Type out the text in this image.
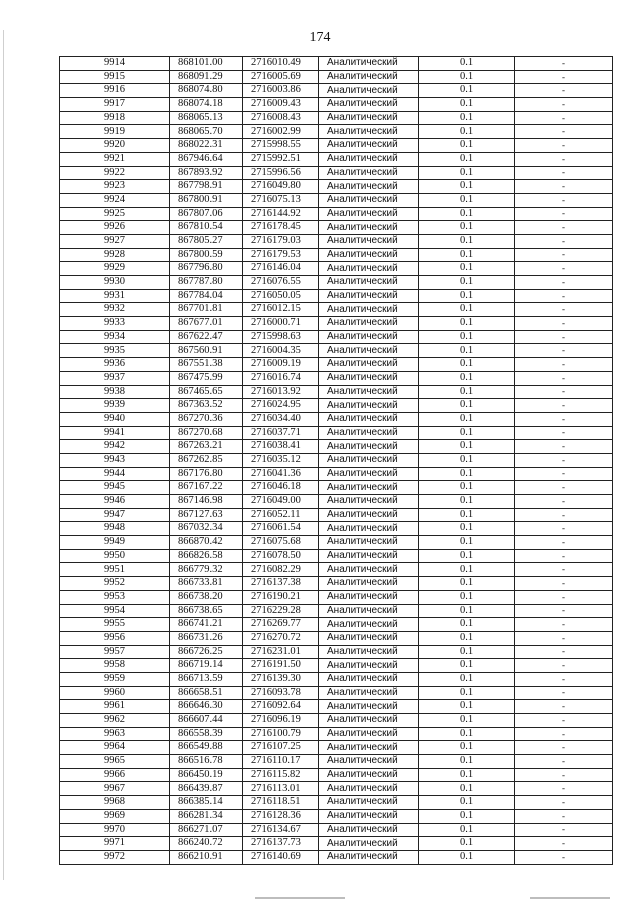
174
9914	868101.00	2716010.49	Аналитический	0.1	-
9915	868091.29	2716005.69	Аналитический	0.1	-
9916	868074.80	2716003.86	Аналитический	0.1	-
9917	868074.18	2716009.43	Аналитический	0.1	-
9918	868065.13	2716008.43	Аналитический	0.1	-
9919	868065.70	2716002.99	Аналитический	0.1	-
9920	868022.31	2715998.55	Аналитический	0.1	-
9921	867946.64	2715992.51	Аналитический	0.1	-
9922	867893.92	2715996.56	Аналитический	0.1	-
9923	867798.91	2716049.80	Аналитический	0.1	-
9924	867800.91	2716075.13	Аналитический	0.1	-
9925	867807.06	2716144.92	Аналитический	0.1	-
9926	867810.54	2716178.45	Аналитический	0.1	-
9927	867805.27	2716179.03	Аналитический	0.1	-
9928	867800.59	2716179.53	Аналитический	0.1	-
9929	867796.80	2716146.04	Аналитический	0.1	-
9930	867787.80	2716076.55	Аналитический	0.1	-
9931	867784.04	2716050.05	Аналитический	0.1	-
9932	867701.81	2716012.15	Аналитический	0.1	-
9933	867677.01	2716000.71	Аналитический	0.1	-
9934	867622.47	2715998.63	Аналитический	0.1	-
9935	867560.91	2716004.35	Аналитический	0.1	-
9936	867551.38	2716009.19	Аналитический	0.1	-
9937	867475.99	2716016.74	Аналитический	0.1	-
9938	867465.65	2716013.92	Аналитический	0.1	-
9939	867363.52	2716024.95	Аналитический	0.1	-
9940	867270.36	2716034.40	Аналитический	0.1	-
9941	867270.68	2716037.71	Аналитический	0.1	-
9942	867263.21	2716038.41	Аналитический	0.1	-
9943	867262.85	2716035.12	Аналитический	0.1	-
9944	867176.80	2716041.36	Аналитический	0.1	-
9945	867167.22	2716046.18	Аналитический	0.1	-
9946	867146.98	2716049.00	Аналитический	0.1	-
9947	867127.63	2716052.11	Аналитический	0.1	-
9948	867032.34	2716061.54	Аналитический	0.1	-
9949	866870.42	2716075.68	Аналитический	0.1	-
9950	866826.58	2716078.50	Аналитический	0.1	-
9951	866779.32	2716082.29	Аналитический	0.1	-
9952	866733.81	2716137.38	Аналитический	0.1	-
9953	866738.20	2716190.21	Аналитический	0.1	-
9954	866738.65	2716229.28	Аналитический	0.1	-
9955	866741.21	2716269.77	Аналитический	0.1	-
9956	866731.26	2716270.72	Аналитический	0.1	-
9957	866726.25	2716231.01	Аналитический	0.1	-
9958	866719.14	2716191.50	Аналитический	0.1	-
9959	866713.59	2716139.30	Аналитический	0.1	-
9960	866658.51	2716093.78	Аналитический	0.1	-
9961	866646.30	2716092.64	Аналитический	0.1	-
9962	866607.44	2716096.19	Аналитический	0.1	-
9963	866558.39	2716100.79	Аналитический	0.1	-
9964	866549.88	2716107.25	Аналитический	0.1	-
9965	866516.78	2716110.17	Аналитический	0.1	-
9966	866450.19	2716115.82	Аналитический	0.1	-
9967	866439.87	2716113.01	Аналитический	0.1	-
9968	866385.14	2716118.51	Аналитический	0.1	-
9969	866281.34	2716128.36	Аналитический	0.1	-
9970	866271.07	2716134.67	Аналитический	0.1	-
9971	866240.72	2716137.73	Аналитический	0.1	-
9972	866210.91	2716140.69	Аналитический	0.1	-
